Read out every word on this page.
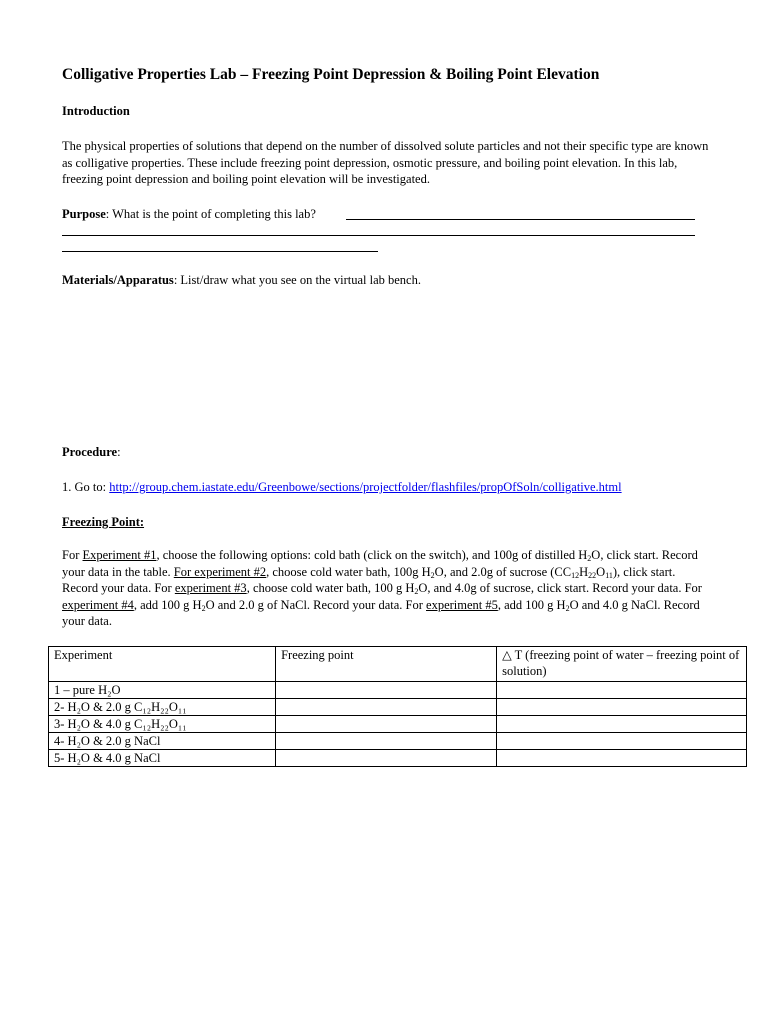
Colligative Properties Lab – Freezing Point Depression & Boiling Point Elevation
Introduction
The physical properties of solutions that depend on the number of dissolved solute particles and not their specific type are known as colligative properties. These include freezing point depression, osmotic pressure, and boiling point elevation. In this lab, freezing point depression and boiling point elevation will be investigated.
Purpose: What is the point of completing this lab?
Materials/Apparatus: List/draw what you see on the virtual lab bench.
Procedure:
1. Go to: http://group.chem.iastate.edu/Greenbowe/sections/projectfolder/flashfiles/propOfSoln/colligative.html
Freezing Point:
For Experiment #1, choose the following options: cold bath (click on the switch), and 100g of distilled $H_2O$, click start. Record your data in the table. For experiment #2, choose cold water bath, 100g $H_2O$, and 2.0g of sucrose $(CC_{12}H_{22}O_{11})$, click start. Record your data. For experiment #3, choose cold water bath, 100 g $H_2O$, and 4.0g of sucrose, click start. Record your data. For experiment #4, add 100 g $H_2O$ and 2.0 g of NaCl. Record your data. For experiment #5, add 100 g $H_2O$ and 4.0 g NaCl. Record your data.
Experiment	Freezing point	△ T (freezing point of water – freezing point of solution)
1 – pure H₂O		
2- H₂O & 2.0 g C₁₂H₂₂O₁₁		
3- H₂O & 4.0 g C₁₂H₂₂O₁₁		
4- H₂O & 2.0 g NaCl		
5- H₂O & 4.0 g NaCl		
